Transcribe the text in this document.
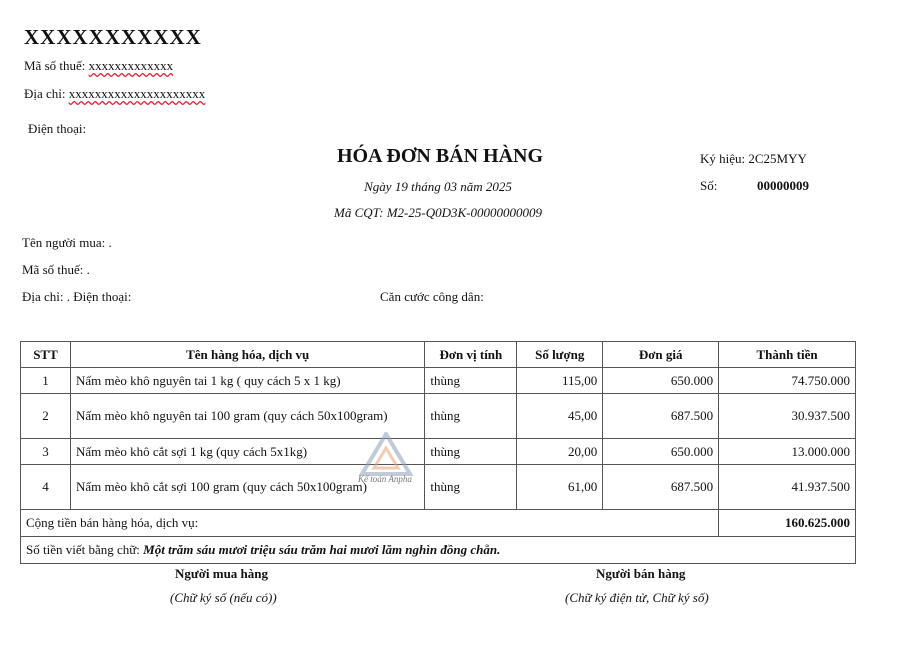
XXXXXXXXXXX
Mã số thuế: xxxxxxxxxxxxx
Địa chỉ: xxxxxxxxxxxxxxxxxxxxx
Điện thoại:
HÓA ĐƠN BÁN HÀNG
Ngày 19 tháng 03 năm 2025
Mã CQT: M2-25-Q0D3K-00000000009
Ký hiệu: 2C25MYY
Số:	00000009
Tên người mua: .
Mã số thuế: .
Địa chỉ: . Điện thoại:	Căn cước công dân:
STT	Tên hàng hóa, dịch vụ	Đơn vị tính	Số lượng	Đơn giá	Thành tiền
1	Nấm mèo khô nguyên tai 1 kg ( quy cách 5 x 1 kg)	thùng	115,00	650.000	74.750.000
2	Nấm mèo khô nguyên tai 100 gram (quy cách 50x100gram)	thùng	45,00	687.500	30.937.500
3	Nấm mèo khô cắt sợi 1 kg (quy cách 5x1kg)	thùng	20,00	650.000	13.000.000
4	Nấm mèo khô cắt sợi 100 gram (quy cách 50x100gram)	thùng	61,00	687.500	41.937.500
Cộng tiền bán hàng hóa, dịch vụ:					160.625.000
Số tiền viết bằng chữ: Một trăm sáu mươi triệu sáu trăm hai mươi lăm nghìn đồng chẵn.					
Kế toán Anpha
Người mua hàng
(Chữ ký số (nếu có))
Người bán hàng
(Chữ ký điện tử, Chữ ký số)
